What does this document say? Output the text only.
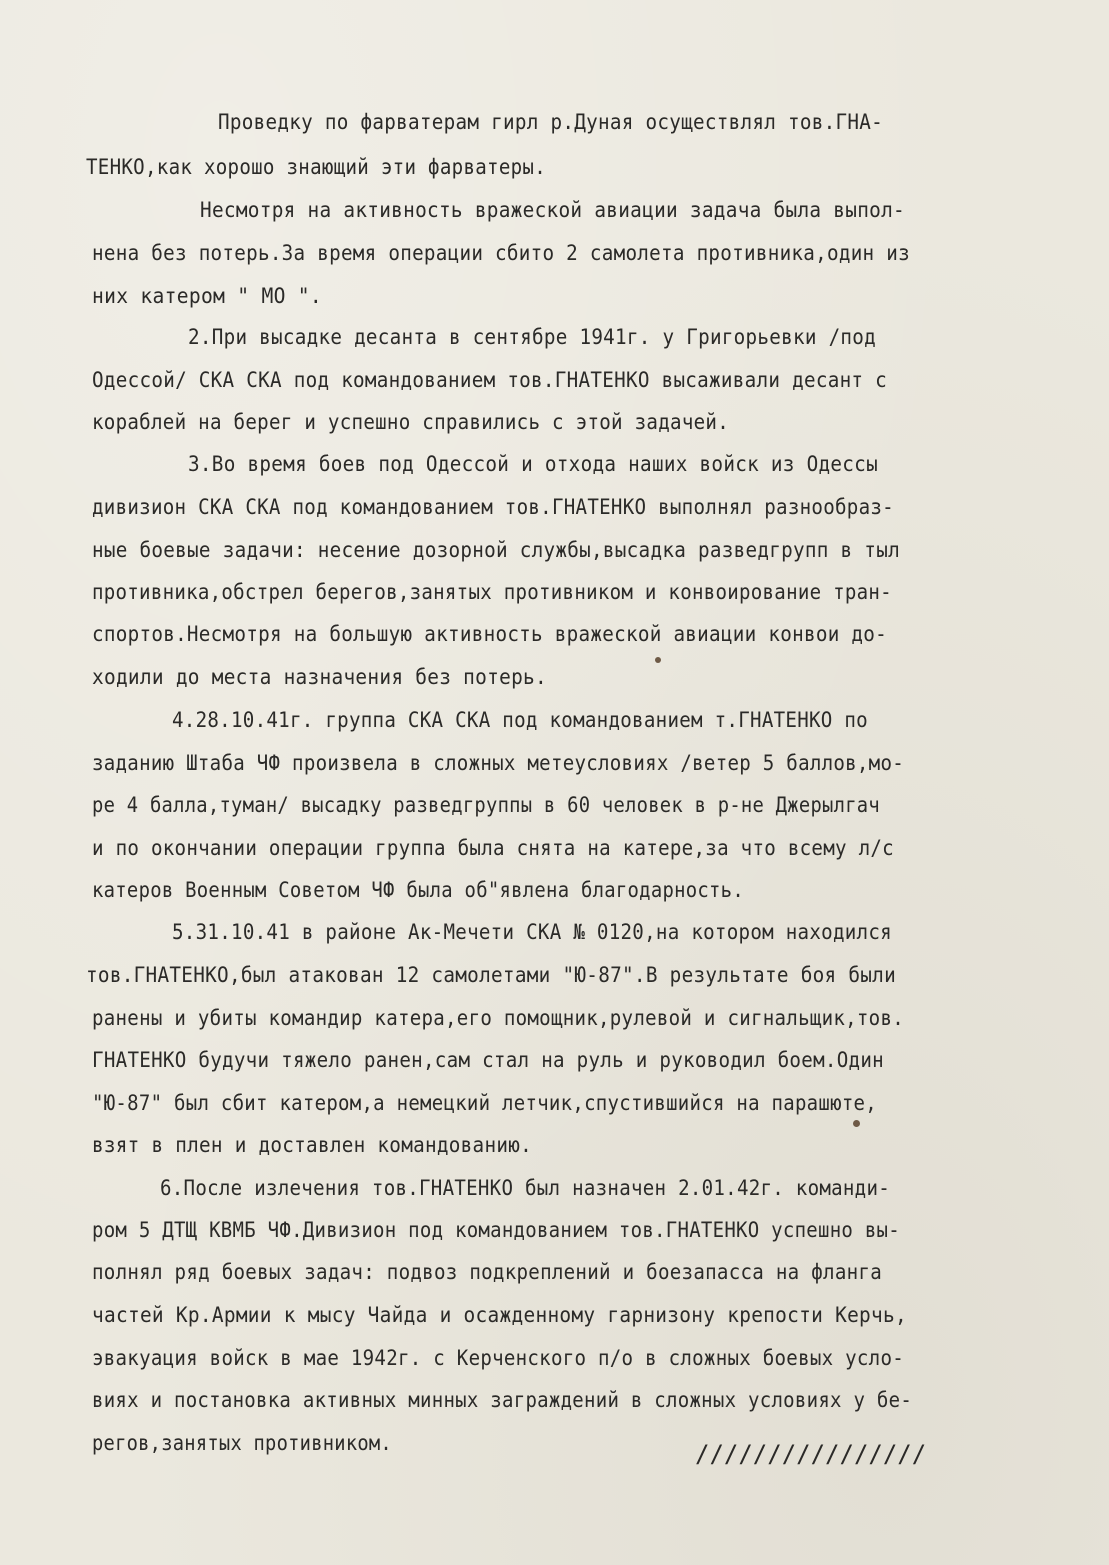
Проведку по фарватерам гирл р.Дуная осуществлял тов.ГНА-
ТЕНКО,как хорошо знающий эти фарватеры.
Несмотря на активность вражеской авиации задача была выпол-
нена без потерь.За время операции сбито 2 самолета противника,один из
них катером " МО ".
2.При высадке десанта в сентябре 1941г. у Григорьевки /под
Одессой/ СКА СКА под командованием тов.ГНАТЕНКО высаживали десант с
кораблей на берег и успешно справились с этой задачей.
3.Во время боев под Одессой и отхода наших войск из Одессы
дивизион СКА СКА под командованием тов.ГНАТЕНКО выполнял разнообраз-
ные боевые задачи: несение дозорной службы,высадка разведгрупп в тыл
противника,обстрел берегов,занятых противником и конвоирование тран-
спортов.Несмотря на большую активность вражеской авиации конвои до-
ходили до места назначения без потерь.
4.28.10.41г. группа СКА СКА под командованием т.ГНАТЕНКО по
заданию Штаба ЧФ произвела в сложных метеусловиях /ветер 5 баллов,мо-
ре 4 балла,туман/ высадку разведгруппы в 60 человек в р-не Джерылгач
и по окончании операции группа была снята на катере,за что всему л/с
катеров Военным Советом ЧФ была об"явлена благодарность.
5.31.10.41 в районе Ак-Мечети СКА № 0120,на котором находился
тов.ГНАТЕНКО,был атакован 12 самолетами "Ю-87".В результате боя были
ранены и убиты командир катера,его помощник,рулевой и сигнальщик,тов.
ГНАТЕНКО будучи тяжело ранен,сам стал на руль и руководил боем.Один
"Ю-87" был сбит катером,а немецкий летчик,спустившийся на парашюте,
взят в плен и доставлен командованию.
6.После излечения тов.ГНАТЕНКО был назначен 2.01.42г. команди-
ром 5 ДТЩ КВМБ ЧФ.Дивизион под командованием тов.ГНАТЕНКО успешно вы-
полнял ряд боевых задач: подвоз подкреплений и боезапасса на фланга
частей Кр.Армии к мысу Чайда и осажденному гарнизону крепости Керчь,
эвакуация войск в мае 1942г. с Керченского п/о в сложных боевых усло-
виях и постановка активных минных заграждений в сложных условиях у бе-
регов,занятых противником.	////////////////
